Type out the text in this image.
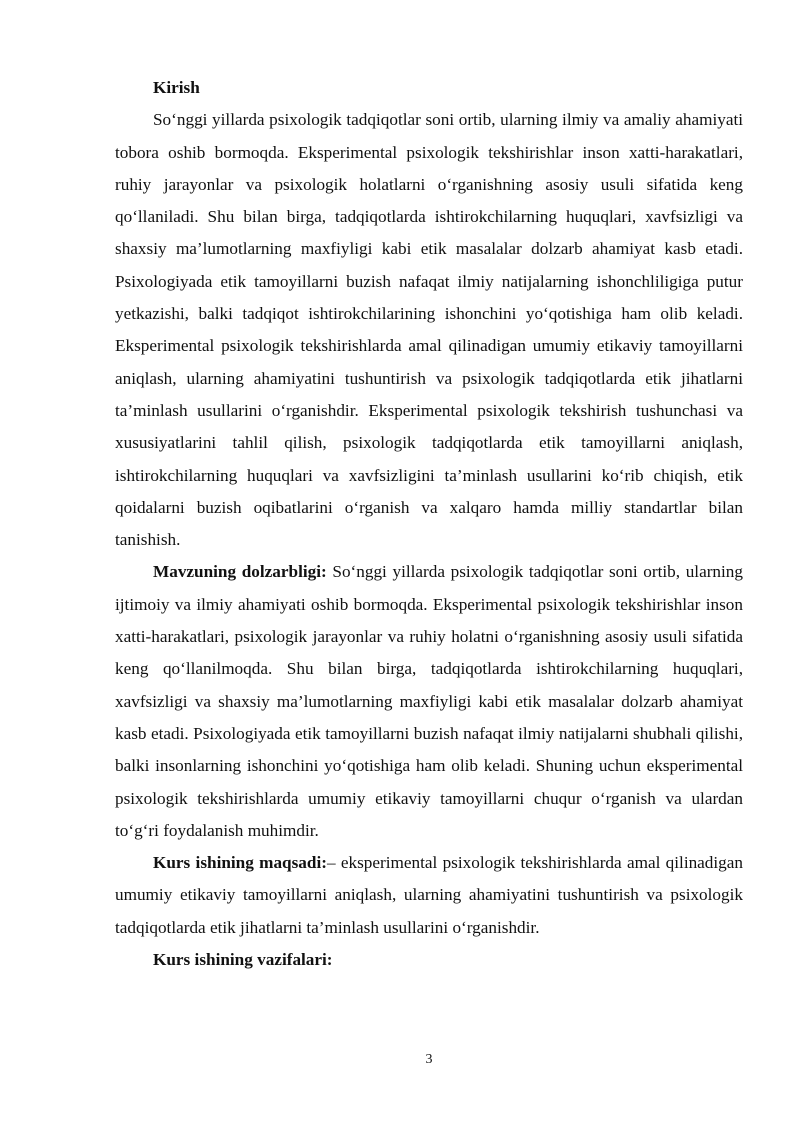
Kirish

So‘nggi yillarda psixologik tadqiqotlar soni ortib, ularning ilmiy va amaliy ahamiyati tobora oshib bormoqda. Eksperimental psixologik tekshirishlar inson xatti-harakatlari, ruhiy jarayonlar va psixologik holatlarni o‘rganishning asosiy usuli sifatida keng qo‘llaniladi. Shu bilan birga, tadqiqotlarda ishtirokchilarning huquqlari, xavfsizligi va shaxsiy ma’lumotlarning maxfiyligi kabi etik masalalar dolzarb ahamiyat kasb etadi. Psixologiyada etik tamoyillarni buzish nafaqat ilmiy natijalarning ishonchliligiga putur yetkazishi, balki tadqiqot ishtirokchilarining ishonchini yo‘qotishiga ham olib keladi. Eksperimental psixologik tekshirishlarda amal qilinadigan umumiy etikaviy tamoyillarni aniqlash, ularning ahamiyatini tushuntirish va psixologik tadqiqotlarda etik jihatlarni ta’minlash usullarini o‘rganishdir. Eksperimental psixologik tekshirish tushunchasi va xususiyatlarini tahlil qilish, psixologik tadqiqotlarda etik tamoyillarni aniqlash, ishtirokchilarning huquqlari va xavfsizligini ta’minlash usullarini ko‘rib chiqish, etik qoidalarni buzish oqibatlarini o‘rganish va xalqaro hamda milliy standartlar bilan tanishish.

Mavzuning dolzarbligi: So‘nggi yillarda psixologik tadqiqotlar soni ortib, ularning ijtimoiy va ilmiy ahamiyati oshib bormoqda. Eksperimental psixologik tekshirishlar inson xatti-harakatlari, psixologik jarayonlar va ruhiy holatni o‘rganishning asosiy usuli sifatida keng qo‘llanilmoqda. Shu bilan birga, tadqiqotlarda ishtirokchilarning huquqlari, xavfsizligi va shaxsiy ma’lumotlarning maxfiyligi kabi etik masalalar dolzarb ahamiyat kasb etadi. Psixologiyada etik tamoyillarni buzish nafaqat ilmiy natijalarni shubhali qilishi, balki insonlarning ishonchini yo‘qotishiga ham olib keladi. Shuning uchun eksperimental psixologik tekshirishlarda umumiy etikaviy tamoyillarni chuqur o‘rganish va ulardan to‘g‘ri foydalanish muhimdir.

Kurs ishining maqsadi:– eksperimental psixologik tekshirishlarda amal qilinadigan umumiy etikaviy tamoyillarni aniqlash, ularning ahamiyatini tushuntirish va psixologik tadqiqotlarda etik jihatlarni ta’minlash usullarini o‘rganishdir.

Kurs ishining vazifalari:

3
